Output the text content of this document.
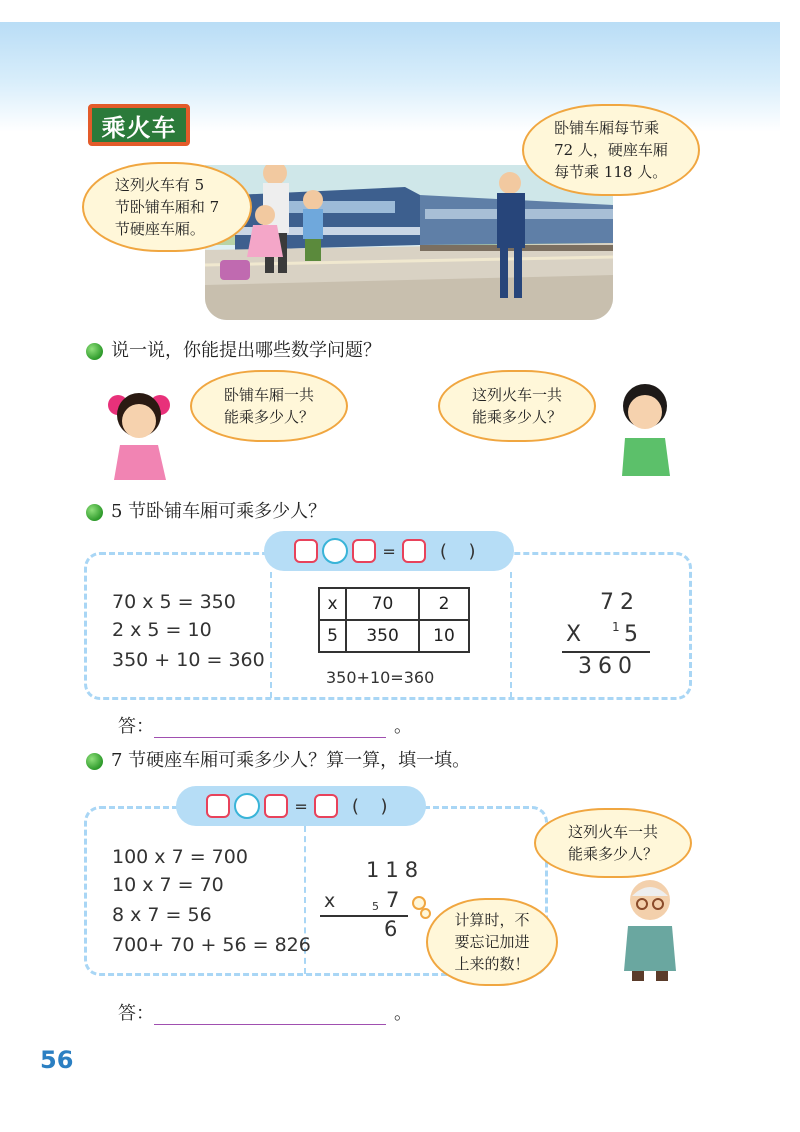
乘火车
这列火车有 5
节卧铺车厢和 7
节硬座车厢。
卧铺车厢每节乘
72 人，硬座车厢
每节乘 118 人。
说一说，你能提出哪些数学问题？
卧铺车厢一共
能乘多少人？
这列火车一共
能乘多少人？
5 节卧铺车厢可乘多少人？
= ( )
70 x 5 = 350
2 x 5 = 10
350 + 10 = 360
x	70	2
5	350	10
350+10=360
72
X	1 5
360
答：	。
7 节硬座车厢可乘多少人？算一算，填一填。
= ( )
100 x 7 = 700
10 x 7 = 70
8 x 7 = 56
700+ 70 + 56 = 826
118
x	5 7
6	计算时，不
要忘记加进
上来的数！
这列火车一共
能乘多少人？
答：	。
56
